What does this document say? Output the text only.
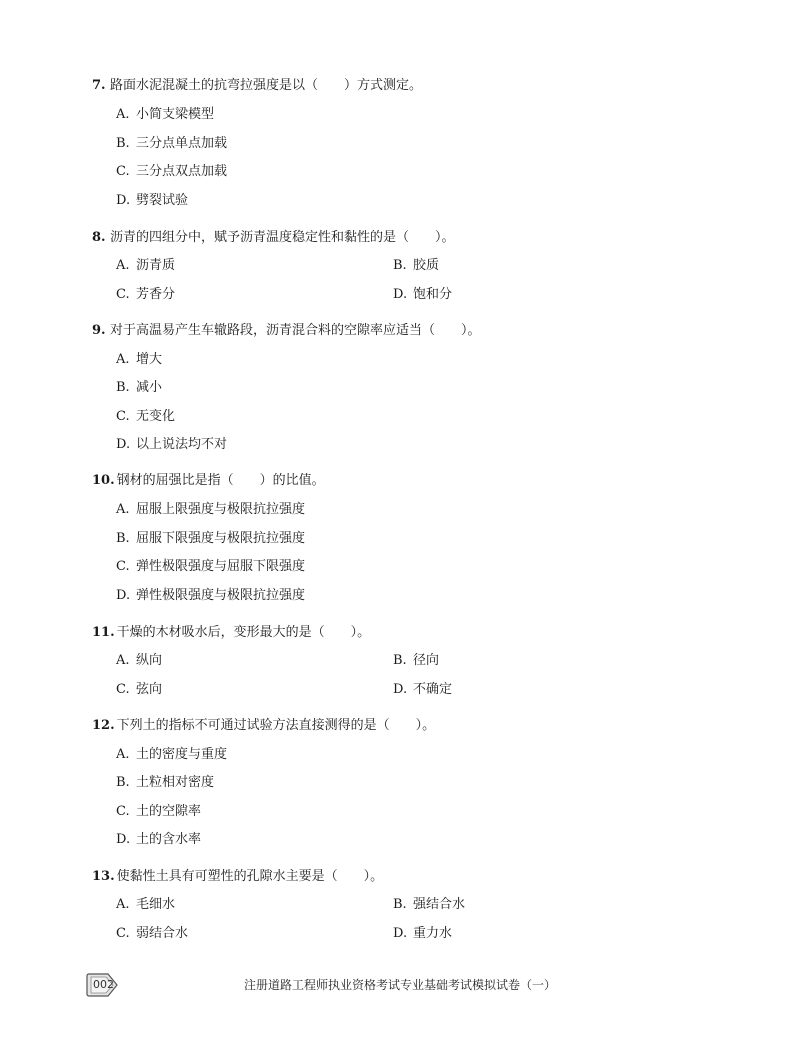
7. 路面水泥混凝土的抗弯拉强度是以（　　）方式测定。
A. 小简支梁模型
B. 三分点单点加载
C. 三分点双点加载
D. 劈裂试验
8. 沥青的四组分中，赋予沥青温度稳定性和黏性的是（　　）。
A. 沥青质	B. 胶质
C. 芳香分	D. 饱和分
9. 对于高温易产生车辙路段，沥青混合料的空隙率应适当（　　）。
A. 增大
B. 减小
C. 无变化
D. 以上说法均不对
10. 钢材的屈强比是指（　　）的比值。
A. 屈服上限强度与极限抗拉强度
B. 屈服下限强度与极限抗拉强度
C. 弹性极限强度与屈服下限强度
D. 弹性极限强度与极限抗拉强度
11. 干燥的木材吸水后，变形最大的是（　　）。
A. 纵向	B. 径向
C. 弦向	D. 不确定
12. 下列土的指标不可通过试验方法直接测得的是（　　）。
A. 土的密度与重度
B. 土粒相对密度
C. 土的空隙率
D. 土的含水率
13. 使黏性土具有可塑性的孔隙水主要是（　　）。
A. 毛细水	B. 强结合水
C. 弱结合水	D. 重力水
002	注册道路工程师执业资格考试专业基础考试模拟试卷（一）
